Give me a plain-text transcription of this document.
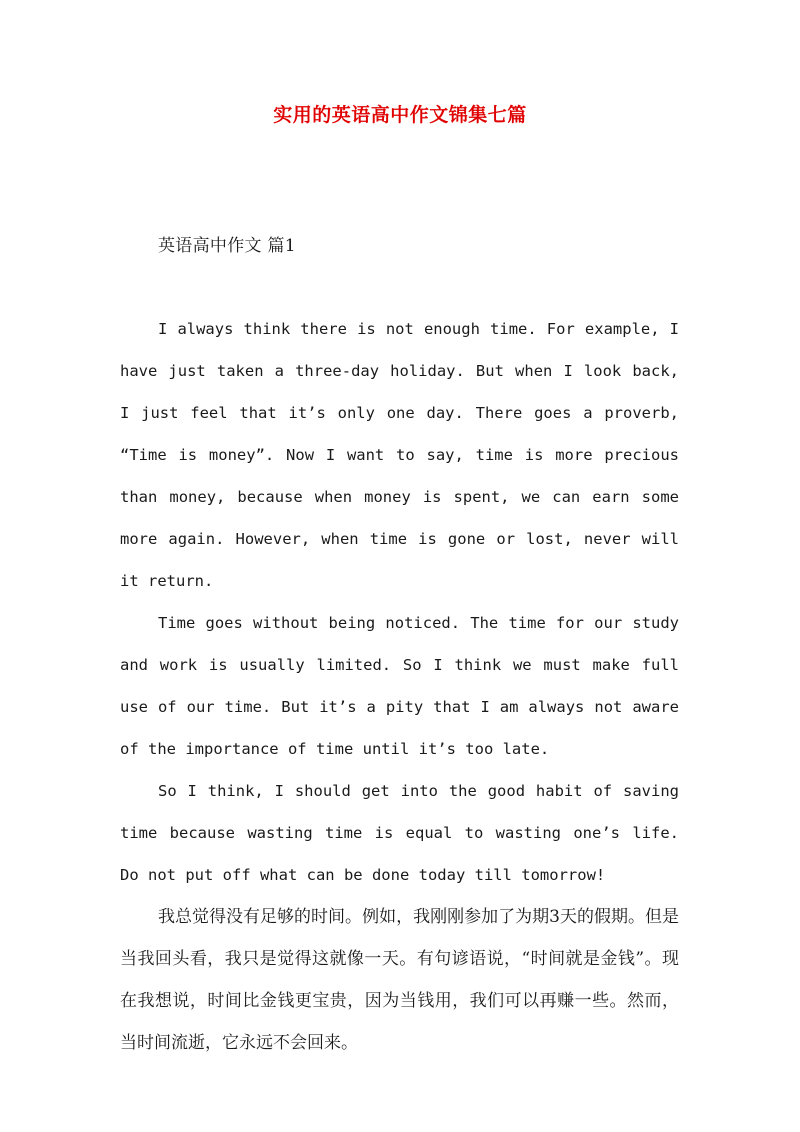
实用的英语高中作文锦集七篇
英语高中作文 篇1

I always think there is not enough time. For example, I have just taken a three-day holiday. But when I look back, I just feel that it’s only one day. There goes a proverb, “Time is money”. Now I want to say, time is more precious than money, because when money is spent, we can earn some more again. However, when time is gone or lost, never will it return.

Time goes without being noticed. The time for our study and work is usually limited. So I think we must make full use of our time. But it’s a pity that I am always not aware of the importance of time until it’s too late.

So I think, I should get into the good habit of saving time because wasting time is equal to wasting one’s life. Do not put off what can be done today till tomorrow!

我总觉得没有足够的时间。例如，我刚刚参加了为期3天的假期。但是当我回头看，我只是觉得这就像一天。有句谚语说，“时间就是金钱”。现在我想说，时间比金钱更宝贵，因为当钱用，我们可以再赚一些。然而，当时间流逝，它永远不会回来。
